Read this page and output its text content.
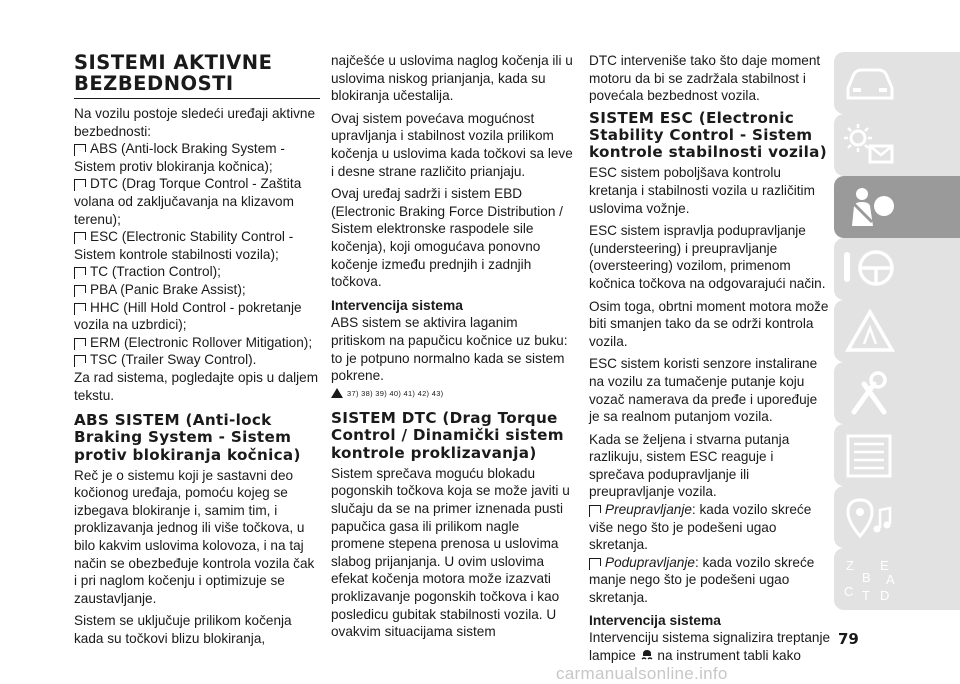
SISTEMI AKTIVNE BEZBEDNOSTI

Na vozilu postoje sledeći uređaji aktivne bezbednosti:

ABS (Anti-lock Braking System - Sistem protiv blokiranja kočnica);
DTC (Drag Torque Control - Zaštita volana od zaključavanja na klizavom terenu);
ESC (Electronic Stability Control - Sistem kontrole stabilnosti vozila);
TC (Traction Control);
PBA (Panic Brake Assist);
HHC (Hill Hold Control - pokretanje vozila na uzbrdici);
ERM (Electronic Rollover Mitigation);
TSC (Trailer Sway Control).

Za rad sistema, pogledajte opis u daljem tekstu.

ABS SISTEM (Anti-lock Braking System - Sistem protiv blokiranja kočnica)

Reč je o sistemu koji je sastavni deo kočionog uređaja, pomoću kojeg se izbegava blokiranje i, samim tim, i proklizavanja jednog ili više točkova, u bilo kakvim uslovima kolovoza, i na taj način se obezbeđuje kontrola vozila čak i pri naglom kočenju i optimizuje se zaustavljanje.

Sistem se uključuje prilikom kočenja kada su točkovi blizu blokiranja,

najčešće u uslovima naglog kočenja ili u uslovima niskog prianjanja, kada su blokiranja učestalija.

Ovaj sistem povećava mogućnost upravljanja i stabilnost vozila prilikom kočenja u uslovima kada točkovi sa leve i desne strane različito prianjaju.

Ovaj uređaj sadrži i sistem EBD (Electronic Braking Force Distribution / Sistem elektronske raspodele sile kočenja), koji omogućava ponovno kočenje između prednjih i zadnjih točkova.

Intervencija sistema

ABS sistem se aktivira laganim pritiskom na papučicu kočnice uz buku: to je potpuno normalno kada se sistem pokrene.

37) 38) 39) 40) 41) 42) 43)
SISTEM DTC (Drag Torque Control / Dinamički sistem kontrole proklizavanja)

Sistem sprečava moguću blokadu pogonskih točkova koja se može javiti u slučaju da se na primer iznenada pusti papučica gasa ili prilikom nagle promene stepena prenosa u uslovima slabog prijanjanja. U ovim uslovima efekat kočenja motora može izazvati proklizavanje pogonskih točkova i kao posledicu gubitak stabilnosti vozila. U ovakvim situacijama sistem

DTC interveniše tako što daje moment motoru da bi se zadržala stabilnost i povećala bezbednost vozila.

SISTEM ESC (Electronic Stability Control - Sistem kontrole stabilnosti vozila)

ESC sistem poboljšava kontrolu kretanja i stabilnosti vozila u različitim uslovima vožnje.

ESC sistem ispravlja podupravljanje (understeering) i preupravljanje (oversteering) vozilom, primenom kočnica točkova na odgovarajući način.

Osim toga, obrtni moment motora može biti smanjen tako da se održi kontrola vozila.

ESC sistem koristi senzore instalirane na vozilu za tumačenje putanje koju vozač namerava da pređe i upoređuje je sa realnom putanjom vozila.

Kada se željena i stvarna putanja razlikuju, sistem ESC reaguje i sprečava podupravljanje ili preupravljanje vozila.

Preupravljanje: kada vozilo skreće više nego što je podešeni ugao skretanja.
Podupravljanje: kada vozilo skreće manje nego što je podešeni ugao skretanja.
Intervencija sistema

Intervenciju sistema signalizira treptanje lampice na instrument tabli kako

Z E
B A
C T D
79
carmanualsonline.info
